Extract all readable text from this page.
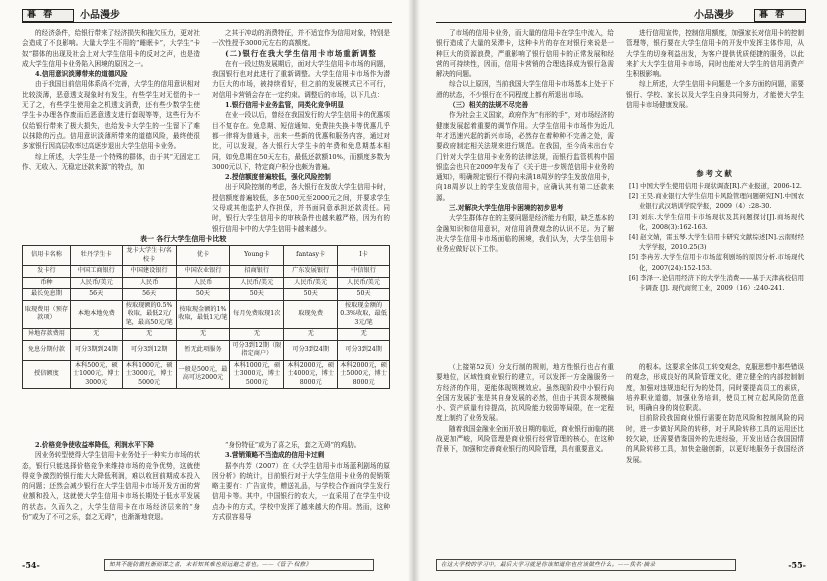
暮 春	小品漫步

的经济条件，给银行带来了经济损失和拖欠压力，更对社会造成了不良影响。大量大学生不用的“睡眠卡”，大学生“卡奴”群体的出现及社会上对大学生信用卡的反对之声，也是造成大学生信用卡业务陷入困境的原因之一。

4.信用意识淡薄带来的道德风险

由于我国目前信用体系尚不完善，大学生的信用意识相对比较淡薄，恶意透支现象时有发生，有些学生对无偿的卡一无了之，有些学生使用金之机透支消费，还有些少数学生使学生卡办理各作废而后恶意透支进行套现等等，这些行为不仅给银行带来了极大损失，也给发卡大学生的一生留下了难以抹除的污点。信用意识淡薄所带来的道德风险，最终使很多家银行因高层收率过高逐步退出大学生信用卡业务。

综上所述，大学生是一个特殊的群体，由于其“无固定工作、无收入、无稳定还款来源”的特点，加

之其于冲动的消费特征，并不适宜作为信用对象，特别是一次性授予3000元左右的高额度。

(二)银行在我大学生信用卡市场重新调整

在有一段过热发展期后，面对大学生信用卡市场的问题，我国银行也对此进行了重新调整。大学生信用卡市场作为潜力巨大的市场，被持续看好，但之前的发展模式已不可行，对信用卡营销会存在一定约束。调整后的市场，以下几点：

1.银行信用卡业务监管，同类化竞争明显

在业一段以后，曾经在我国发行的大学生信用卡的优惠项目不复存在。免息期、短信通知、免费挂失换卡等优惠几乎都一律将为普通卡，出来一些新的优惠和服务内容，通过对比，可以发现，各大银行大学生卡的年费和免息期基本相同，如免息期在50天左右，最低还款额10%，而额度多数为3000元以下，特定商户积分也颇为普遍。

2.授信额度普遍较低，强化风险控制

出于风险控制的考虑，各大银行在发放大学生信用卡时，授信额度普遍较低，多在500元至2000元之间，并要求学生父母或其他监护人作担保，并书面同意承担还款责任。同时，银行大学生信用卡的审核条件也越来越严格，因为有的银行信用卡中的大学生信用卡越来越少。

表一 各行大学生信用卡比较
信用卡名称	牡丹学生卡	龙卡大学生卡/名校卡	优卡	Young卡	fantasy卡	Ⅰ卡
发卡行	中国工商银行	中国建设银行	中国农业银行	招商银行	广东发展银行	中信银行
币种	人民币/美元	人民币	人民币	人民币/美元	人民币/美元	人民币/美元
最长免息期	56天	56天	50天	50天	50天	50天
取现费用（预存款项）	本地本地免费	按取现额的0.5%收取，最低2元/笔，最高50元/笔	按取现金额的1%收取，最低1元/笔	每月免费取现1次	取现免费	按取现金额的0.3%收取，最低3元/笔
异地存款费用	无	无	无	无	无	无
免息分期付款	可分3期到24期	可分3到12期	暂无此项服务	可分3到12期（限指定商户）	可分3到24期	可分3到24期
授信额度	本科500元，硕士1000元，博士3000元	本科1000元，硕士3000元，博士5000元	一般是500元，最高可达2000元	本科1000元，硕士3000元，博士5000元	本科2000元，硕士4000元，博士8000元	本科2000元，硕士5000元，博士8000元
2.价格竞争使收益率降低，利润水平下降

因业务转型使得大学生信用卡业务处于一种实力市场的状态，银行只能选择价格竞争来维持市场的竞争优势，这就使得竞争激烈的银行能大大降低利润，难以收回前期成本投入的问题；还然会减少银行在大学生信用卡市场开发方面的营业额和投入，这就使大学生信用卡市场长期处于低水平发展的状态。久而久之，大学生信用卡在市场经济层来的“身份”或为了不可之乐，套之无碍”，也渐渐地衰退。

“身份特征”或为了喜之乐，套之无碍”的鸡肋。

3.营销策略不当造成的信用卡过剩

据李冉芳（2007）在《大学生信用卡市场蓝利剧场的原因分析》的统计，目前银行对于大学生信用卡业务的促销策略主要有：广告宣传，赠送礼品，与学校合作面向学生发行信用卡等。其中，中国银行的农大，一直采用了在学生中设点办卡的方式，学校中发挥了越来越大的作用。然而，这种方式很容易导

-54-	知其不能防微杜渐而谋之者，未若知其难也而远避之者也。——《管子·权修》
小品漫步	暮 春

了市场的信用卡业务，而大量的信用卡在学生中流入，给银行造成了大量的呆滞卡，这种卡片的存在对银行来说是一种巨大的资源浪费，严重影响了银行信用卡的正常发展和经营的可持续性，因而，信用卡营销的合理选择成为银行急需解决的问题。

综合以上原因，当前我国大学生信用卡市场基本上处于下滑的状态，不少银行在不同程度上都有所退出市场。

（三）相关的法规不尽完善

作为社会主义国家，政府作为“有形的手”，对市场经济的健康发展起着重要的调节作用。大学生信用卡市场作为近几年才迅速兴起的新兴市场，必然存在着种种不完善之处，需要政府制定相关法规来进行规范。在我国，至今尚未出台专门针对大学生信用卡业务的法律法规，而银行监管机构中国银监会也只在2009年发布了《关于进一步规范信用卡业务的通知》，明确规定银行不得向未满18周岁的学生发放信用卡，向18周岁以上的学生发放信用卡，应确认其有第二还款来源。

三.对解决大学生信用卡困境的初步思考

大学生群体存在的主要问题是经济能力有限，缺乏基本的金融知识和信用意识，对信用消费观念的认识不足。为了解决大学生信用卡市场面临的困境，我们认为，大学生信用卡业务应做好以下工作。

进行信用宣传，控制信用额度，加强家长对信用卡的控制管理等，银行要在大学生信用卡的开发中发挥主体作用，从大学生的切身利益出发，为客户提供优质便捷的服务，以此来扩大大学生信用卡市场，同时也能对大学生的信用消费产生积极影响。

综上所述，大学生信用卡问题是一个多方面的问题，需要银行、学校、家长以及大学生自身共同努力，才能使大学生信用卡市场健康发展。

参考文献
[1] 中国大学生使用信用卡现状调查[R].产业报道，2006-12.
[2] 王昊.商业银行大学生信用卡风险管理问题研究[N].中国农业银行武汉培训学院学报，2009（4）:28-30.
[3] 刘东.大学生信用卡市场现状及其问题探讨[J].商场现代化，2008(3):162-163.
[4] 赵文婧，雷玉琴.大学生信用卡研究文献综述[N].云南财经大学学报，2010.25(3)
[5] 李冉芳.大学生信用卡市场蓝利剧场的原因分析.市场现代化，2007(24):152-153.
[6] 李泽一.论信用经济下的大学生消费——基于天津高校信用卡调查 [J]. 现代商贸工业，2009（16）:240-241.

（上接第52页）分支行制的规则，地方性银行也占有重要地位，区域性商业银行的建立，可以发挥一方金融服务一方经济的作用，更能体现规模效应。虽然现阶段中小银行向全国方发展扩张是其自身发展的必然，但由于其资本规模偏小、资产质量有待提高，抗风险能力较弱等局限，在一定程度上制约了业务发展。

随着我国金融业全面开放日期的临近，商业银行面临的挑战更加严峻，风险管理是商业银行经营管理的核心，在这种背景下，加强和完善商业银行的风险管理，具有重要意义。

的根本。这要求全体员工转变观念，克服思想中那些错误的观念，形成良好的风险管理文化，建立健全的内部控制制度，加强对违规违纪行为的处罚，同时要提高员工的素质，培养职业道德，加强业务培训，使员工树立起风险防范意识，明确自身的岗位职责。

目前阶段我国商业银行需要在防范风险和控制风险的同时，进一步做好风险的转移，对于风险转移工具的运用还比较欠缺，还需要借鉴国外的先进经验，开发出适合我国国情的风险转移工具，加快金融创新，以更好地服务于我国经济发展。

在这大学校的学习中，最后大学习就是你该知道你也应该做些什么。——佚名·摘录	-55-
